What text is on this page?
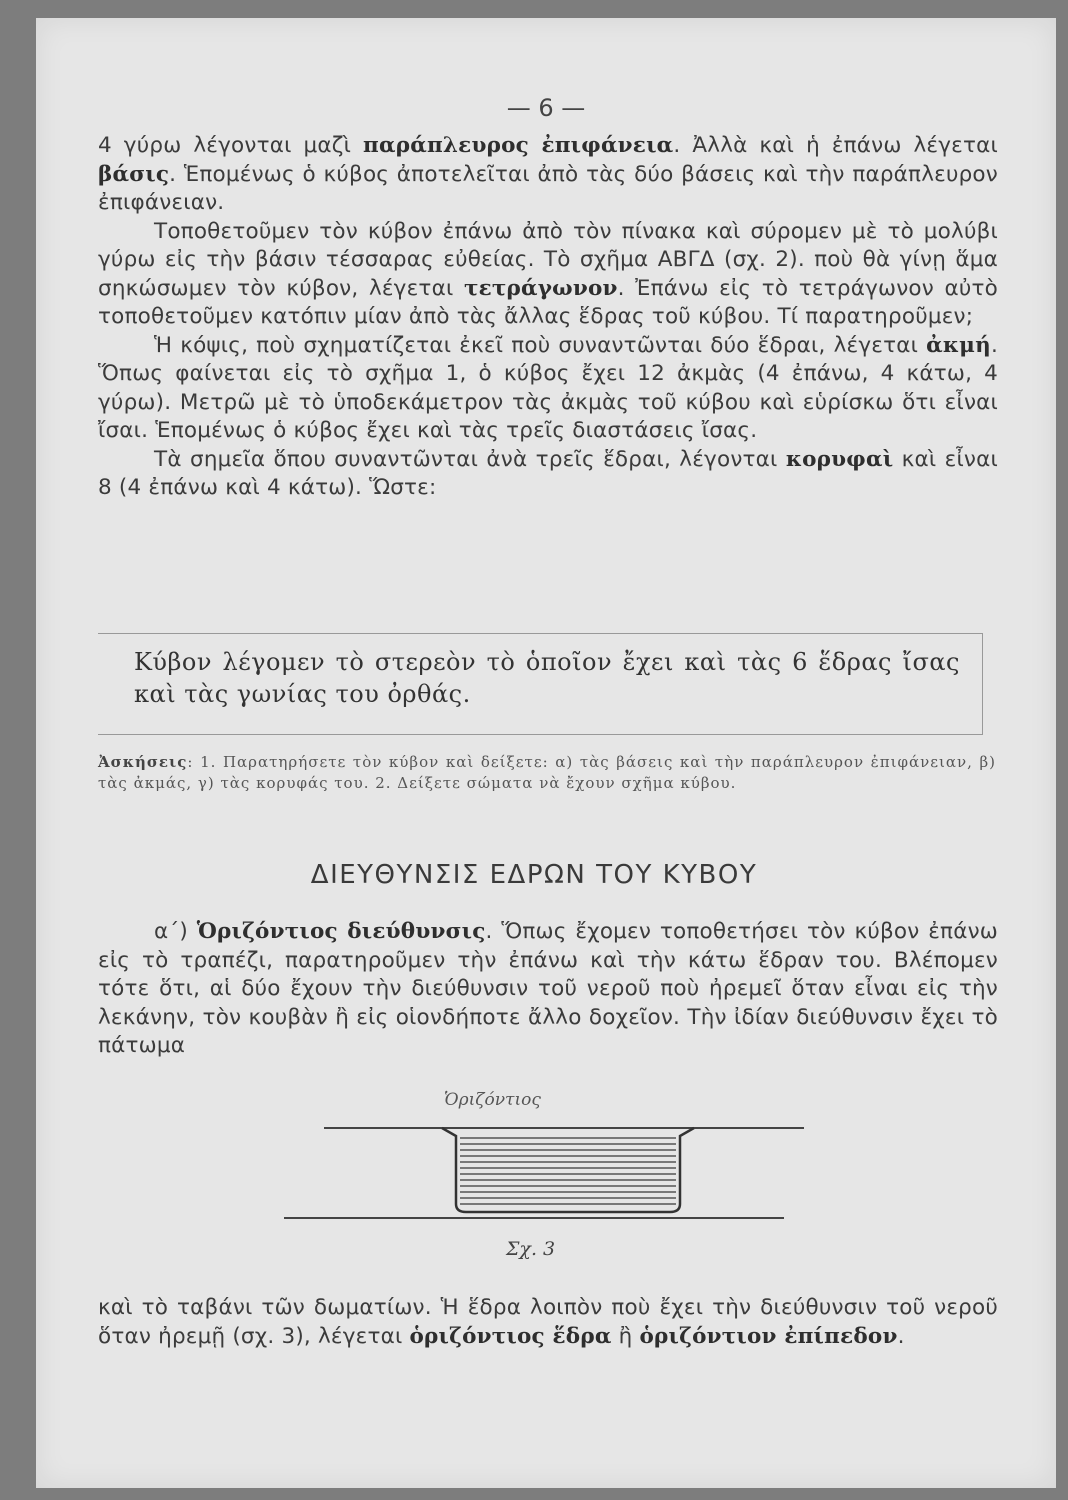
— 6 —

4 γύρω λέγονται μαζὶ παράπλευρος ἐπιφάνεια. Ἀλλὰ καὶ ἡ ἐπάνω λέγεται βάσις. Ἑπομένως ὁ κύβος ἀποτελεῖται ἀπὸ τὰς δύο βάσεις καὶ τὴν παράπλευρον ἐπιφάνειαν.

Τοποθετοῦμεν τὸν κύβον ἐπάνω ἀπὸ τὸν πίνακα καὶ σύρομεν μὲ τὸ μολύβι γύρω εἰς τὴν βάσιν τέσσαρας εὐθείας. Τὸ σχῆμα ΑΒΓΔ (σχ. 2). ποὺ θὰ γίνῃ ἅμα σηκώσωμεν τὸν κύβον, λέγεται τετράγωνον. Ἐπάνω εἰς τὸ τετράγωνον αὐτὸ τοποθετοῦμεν κατόπιν μίαν ἀπὸ τὰς ἄλλας ἕδρας τοῦ κύβου. Τί παρατηροῦμεν;

Ἡ κόψις, ποὺ σχηματίζεται ἐκεῖ ποὺ συναντῶνται δύο ἕδραι, λέγεται ἀκμή. Ὅπως φαίνεται εἰς τὸ σχῆμα 1, ὁ κύβος ἔχει 12 ἀκμὰς (4 ἐπάνω, 4 κάτω, 4 γύρω). Μετρῶ μὲ τὸ ὑποδεκάμετρον τὰς ἀκμὰς τοῦ κύβου καὶ εὑρίσκω ὅτι εἶναι ἴσαι. Ἑπομένως ὁ κύβος ἔχει καὶ τὰς τρεῖς διαστάσεις ἴσας.

Τὰ σημεῖα ὅπου συναντῶνται ἀνὰ τρεῖς ἕδραι, λέγονται κορυφαὶ καὶ εἶναι 8 (4 ἐπάνω καὶ 4 κάτω). Ὥστε:

Κύβον λέγομεν τὸ στερεὸν τὸ ὁποῖον ἔχει καὶ τὰς 6 ἕδρας ἴσας καὶ τὰς γωνίας του ὀρθάς.
Ἀσκήσεις: 1. Παρατηρήσετε τὸν κύβον καὶ δείξετε: α) τὰς βάσεις καὶ τὴν παράπλευρον ἐπιφάνειαν, β) τὰς ἀκμάς, γ) τὰς κορυφάς του. 2. Δείξετε σώματα νὰ ἔχουν σχῆμα κύβου.
ΔΙΕΥΘΥΝΣΙΣ ΕΔΡΩΝ ΤΟΥ ΚΥΒΟΥ

α΄) Ὁριζόντιος διεύθυνσις. Ὅπως ἔχομεν τοποθετήσει τὸν κύβον ἐπάνω εἰς τὸ τραπέζι, παρατηροῦμεν τὴν ἐπάνω καὶ τὴν κάτω ἕδραν του. Βλέπομεν τότε ὅτι, αἱ δύο ἔχουν τὴν διεύθυνσιν τοῦ νεροῦ ποὺ ἠρεμεῖ ὅταν εἶναι εἰς τὴν λεκάνην, τὸν κουβὰν ἢ εἰς οἱονδήποτε ἄλλο δοχεῖον. Τὴν ἰδίαν διεύθυνσιν ἔχει τὸ πάτωμα

Ὁριζόντιος
Σχ. 3

καὶ τὸ ταβάνι τῶν δωματίων. Ἡ ἕδρα λοιπὸν ποὺ ἔχει τὴν διεύθυνσιν τοῦ νεροῦ ὅταν ἠρεμῇ (σχ. 3), λέγεται ὁριζόντιος ἕδρα ἢ ὁριζόντιον ἐπίπεδον.
